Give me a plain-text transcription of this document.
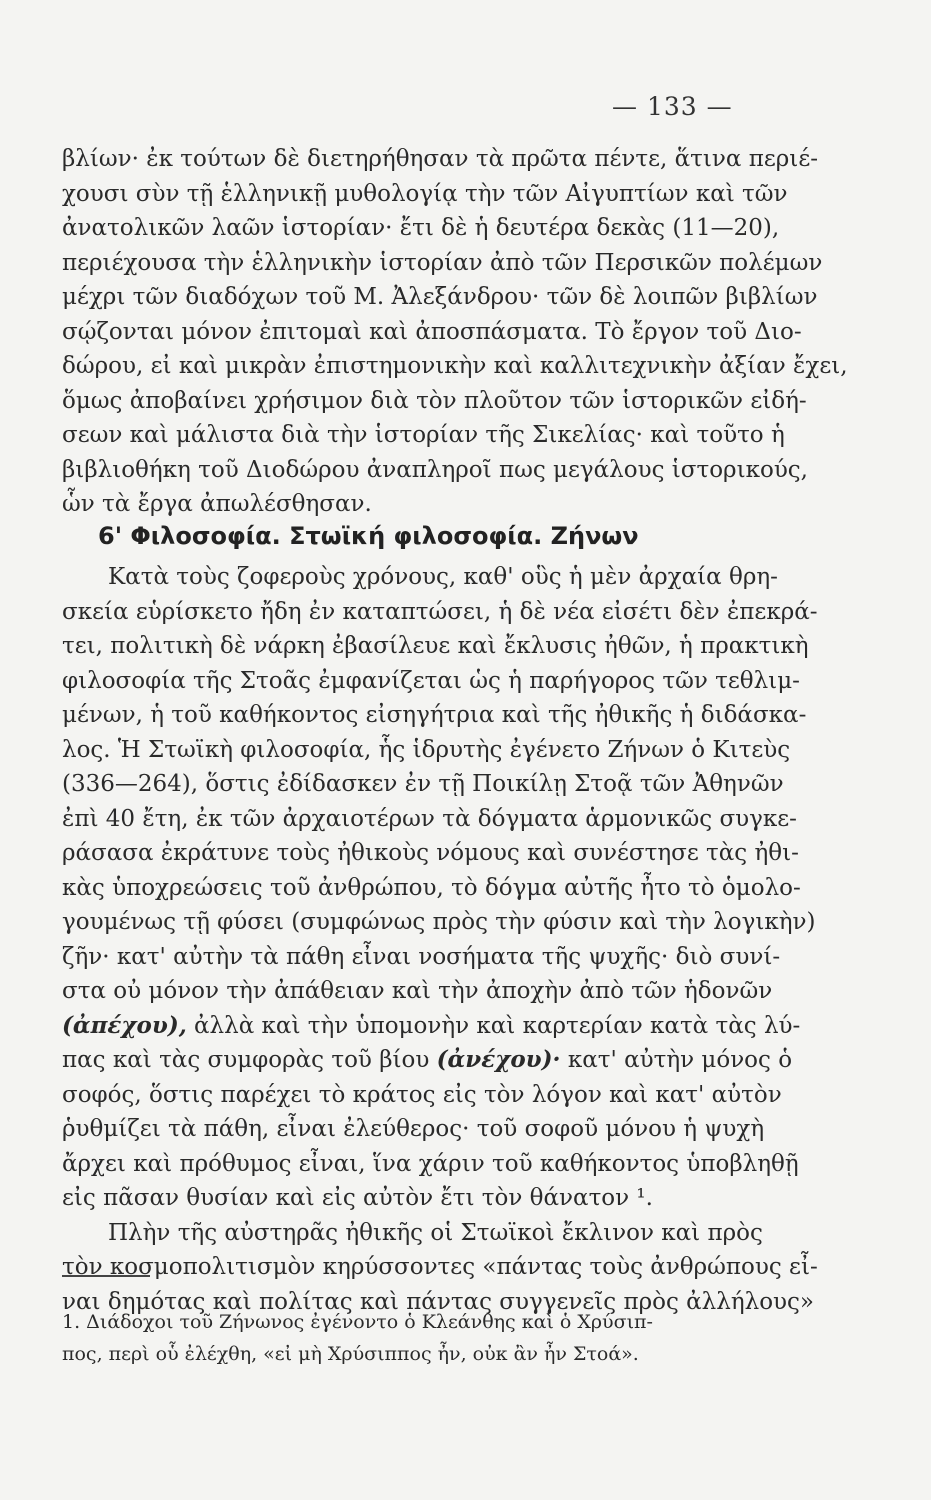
— 133 —
βλίων· ἐκ τούτων δὲ διετηρήθησαν τὰ πρῶτα πέντε, ἅτινα περιέ-
χουσι σὺν τῇ ἑλληνικῇ μυθολογίᾳ τὴν τῶν Αἰγυπτίων καὶ τῶν
ἀνατολικῶν λαῶν ἱστορίαν· ἔτι δὲ ἡ δευτέρα δεκὰς (11—20),
περιέχουσα τὴν ἑλληνικὴν ἱστορίαν ἀπὸ τῶν Περσικῶν πολέμων
μέχρι τῶν διαδόχων τοῦ Μ. Ἀλεξάνδρου· τῶν δὲ λοιπῶν βιβλίων
σῴζονται μόνον ἐπιτομαὶ καὶ ἀποσπάσματα. Τὸ ἔργον τοῦ Διο-
δώρου, εἰ καὶ μικρὰν ἐπιστημονικὴν καὶ καλλιτεχνικὴν ἀξίαν ἔχει,
ὅμως ἀποβαίνει χρήσιμον διὰ τὸν πλοῦτον τῶν ἱστορικῶν εἰδή-
σεων καὶ μάλιστα διὰ τὴν ἱστορίαν τῆς Σικελίας· καὶ τοῦτο ἡ
βιβλιοθήκη τοῦ Διοδώρου ἀναπληροῖ πως μεγάλους ἱστορικούς,
ὧν τὰ ἔργα ἀπωλέσθησαν.
6' Φιλοσοφία. Στωϊκή φιλοσοφία. Ζήνων
Κατὰ τοὺς ζοφεροὺς χρόνους, καθ' οὓς ἡ μὲν ἀρχαία θρη-
σκεία εὑρίσκετο ἤδη ἐν καταπτώσει, ἡ δὲ νέα εἰσέτι δὲν ἐπεκρά-
τει, πολιτικὴ δὲ νάρκη ἐβασίλευε καὶ ἔκλυσις ἠθῶν, ἡ πρακτικὴ
φιλοσοφία τῆς Στοᾶς ἐμφανίζεται ὡς ἡ παρήγορος τῶν τεθλιμ-
μένων, ἡ τοῦ καθήκοντος εἰσηγήτρια καὶ τῆς ἠθικῆς ἡ διδάσκα-
λος. Ἡ Στωϊκὴ φιλοσοφία, ἧς ἱδρυτὴς ἐγένετο Ζήνων ὁ Κιτεὺς
(336—264), ὅστις ἐδίδασκεν ἐν τῇ Ποικίλῃ Στοᾷ τῶν Ἀθηνῶν
ἐπὶ 40 ἔτη, ἐκ τῶν ἀρχαιοτέρων τὰ δόγματα ἁρμονικῶς συγκε-
ράσασα ἐκράτυνε τοὺς ἠθικοὺς νόμους καὶ συνέστησε τὰς ἠθι-
κὰς ὑποχρεώσεις τοῦ ἀνθρώπου, τὸ δόγμα αὐτῆς ἦτο τὸ ὁμολο-
γουμένως τῇ φύσει (συμφώνως πρὸς τὴν φύσιν καὶ τὴν λογικὴν)
ζῆν· κατ' αὐτὴν τὰ πάθη εἶναι νοσήματα τῆς ψυχῆς· διὸ συνί-
στα οὐ μόνον τὴν ἀπάθειαν καὶ τὴν ἀποχὴν ἀπὸ τῶν ἡδονῶν
(ἀπέχου), ἀλλὰ καὶ τὴν ὑπομονὴν καὶ καρτερίαν κατὰ τὰς λύ-
πας καὶ τὰς συμφορὰς τοῦ βίου (ἀνέχου)· κατ' αὐτὴν μόνος ὁ
σοφός, ὅστις παρέχει τὸ κράτος εἰς τὸν λόγον καὶ κατ' αὐτὸν
ῥυθμίζει τὰ πάθη, εἶναι ἐλεύθερος· τοῦ σοφοῦ μόνου ἡ ψυχὴ
ἄρχει καὶ πρόθυμος εἶναι, ἵνα χάριν τοῦ καθήκοντος ὑποβληθῇ
εἰς πᾶσαν θυσίαν καὶ εἰς αὐτὸν ἔτι τὸν θάνατον ¹.
Πλὴν τῆς αὐστηρᾶς ἠθικῆς οἱ Στωϊκοὶ ἔκλινον καὶ πρὸς
τὸν κοσμοπολιτισμὸν κηρύσσοντες «πάντας τοὺς ἀνθρώπους εἶ-
ναι δημότας καὶ πολίτας καὶ πάντας συγγενεῖς πρὸς ἀλλήλους»
1. Διάδοχοι τοῦ Ζήνωνος ἐγένοντο ὁ Κλεάνθης καὶ ὁ Χρύσιπ-
πος, περὶ οὗ ἐλέχθη, «εἰ μὴ Χρύσιππος ἦν, οὐκ ἂν ἦν Στοά».
